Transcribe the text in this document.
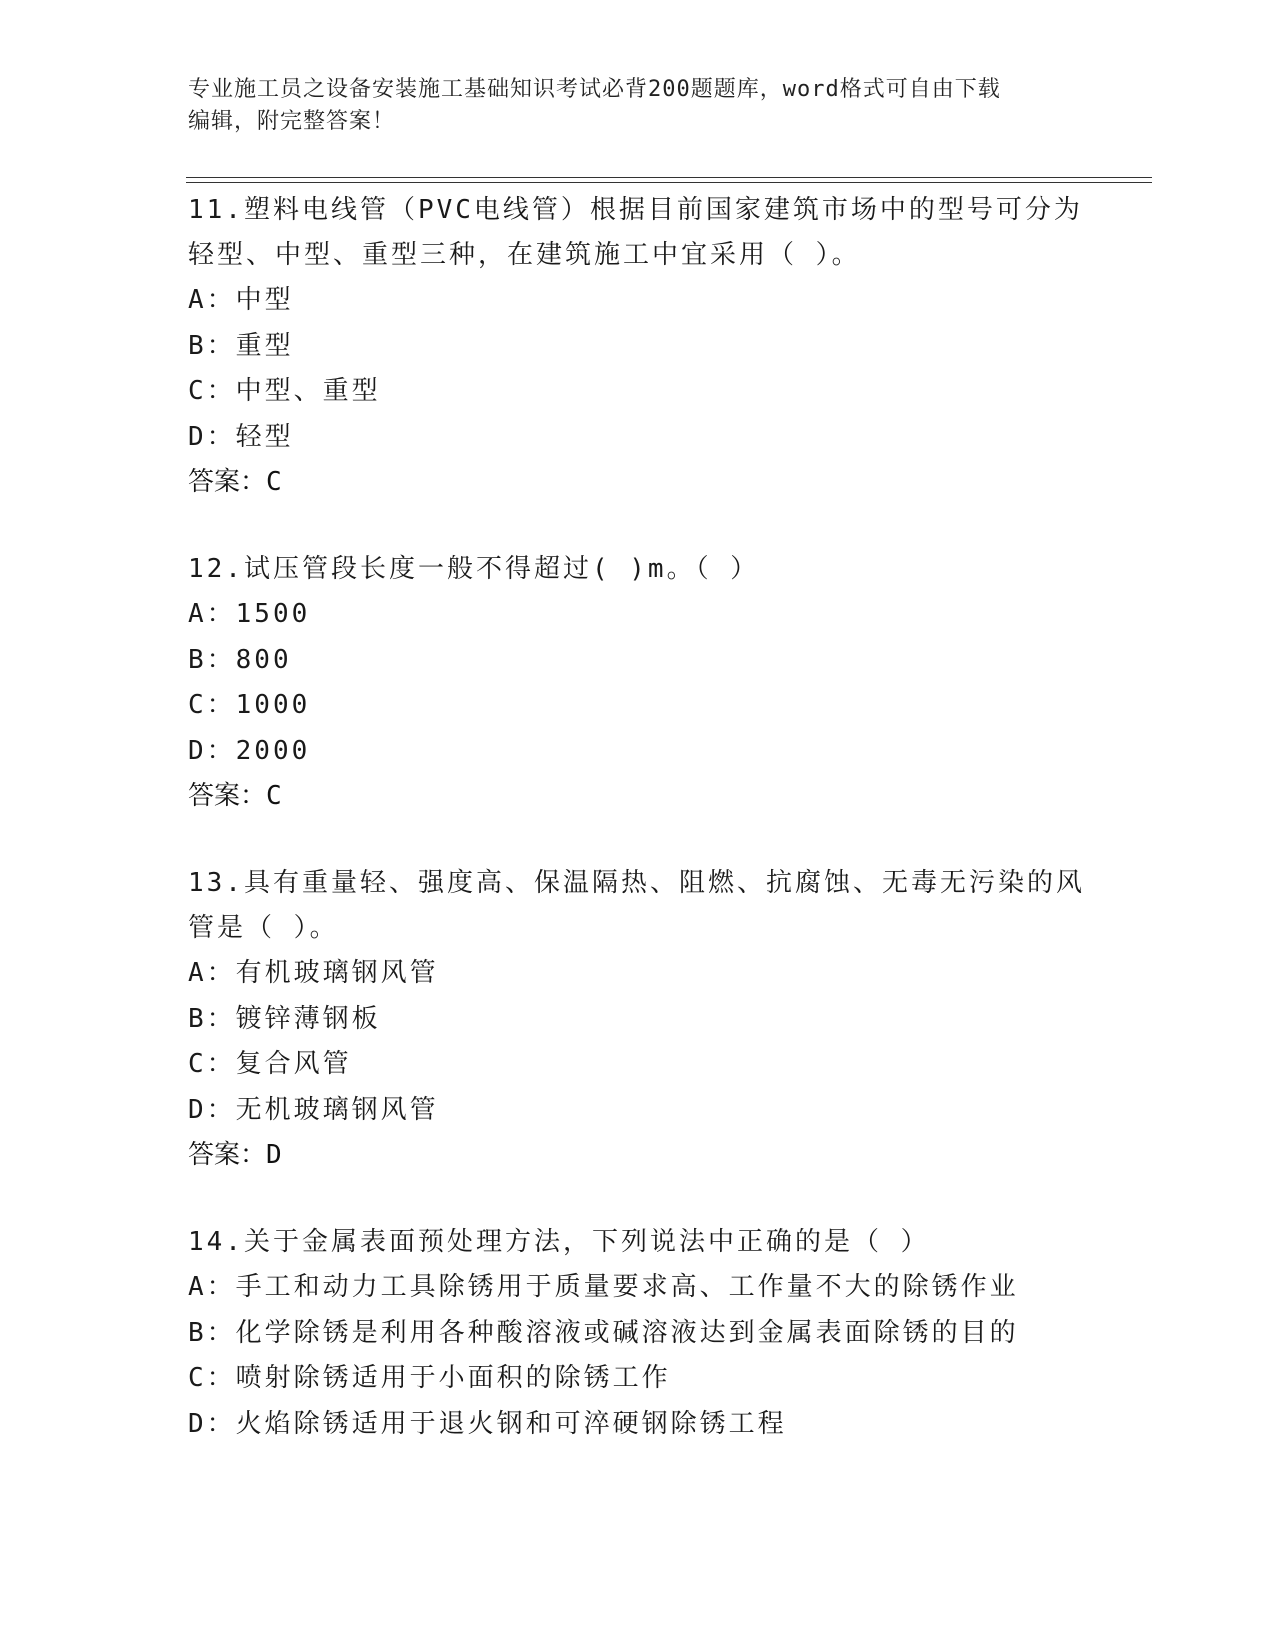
专业施工员之设备安装施工基础知识考试必背200题题库，word格式可自由下载
编辑，附完整答案！
11.塑料电线管（PVC电线管）根据目前国家建筑市场中的型号可分为
轻型、中型、重型三种，在建筑施工中宜采用（ ）。
A：中型
B：重型
C：中型、重型
D：轻型
答案：C
12.试压管段长度一般不得超过( )m。（ ）
A：1500
B：800
C：1000
D：2000
答案：C
13.具有重量轻、强度高、保温隔热、阻燃、抗腐蚀、无毒无污染的风
管是（ ）。
A：有机玻璃钢风管
B：镀锌薄钢板
C：复合风管
D：无机玻璃钢风管
答案：D
14.关于金属表面预处理方法，下列说法中正确的是（ ）
A：手工和动力工具除锈用于质量要求高、工作量不大的除锈作业
B：化学除锈是利用各种酸溶液或碱溶液达到金属表面除锈的目的
C：喷射除锈适用于小面积的除锈工作
D：火焰除锈适用于退火钢和可淬硬钢除锈工程
